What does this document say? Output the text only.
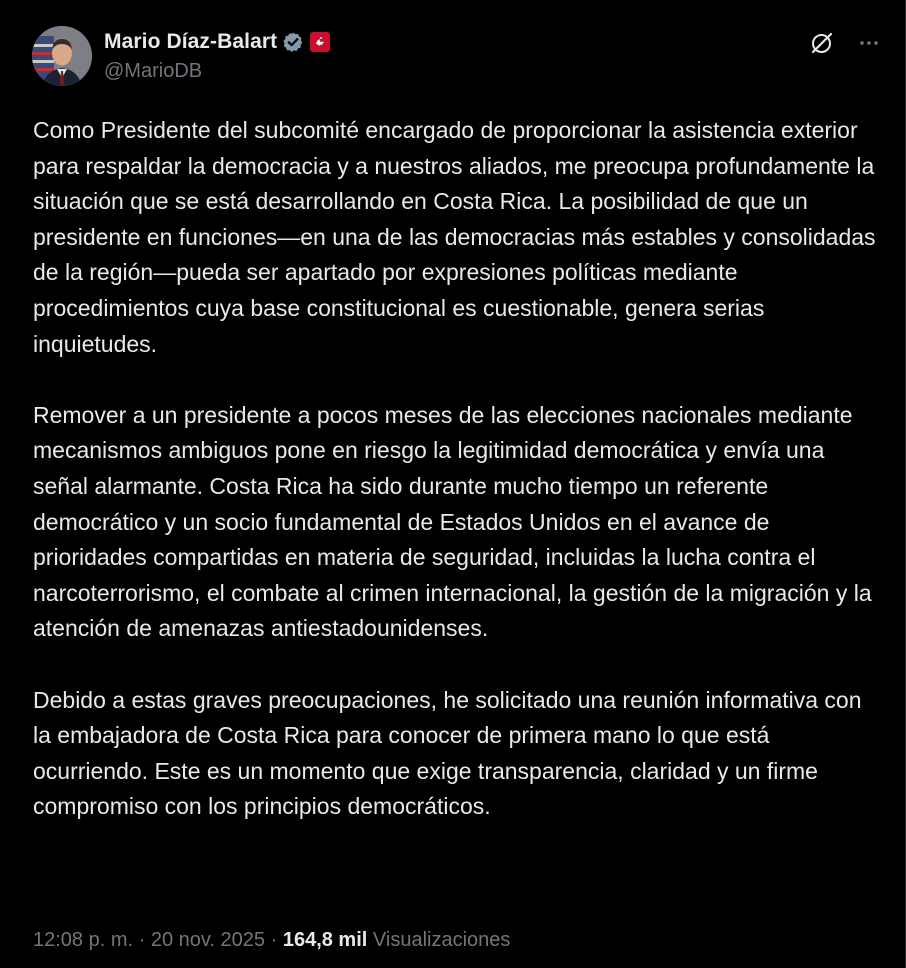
Mario Díaz-Balart
@MarioDB

Como Presidente del subcomité encargado de proporcionar la asistencia exterior para respaldar la democracia y a nuestros aliados, me preocupa profundamente la situación que se está desarrollando en Costa Rica. La posibilidad de que un presidente en funciones—en una de las democracias más estables y consolidadas de la región—pueda ser apartado por expresiones políticas mediante procedimientos cuya base constitucional es cuestionable, genera serias inquietudes.

Remover a un presidente a pocos meses de las elecciones nacionales mediante mecanismos ambiguos pone en riesgo la legitimidad democrática y envía una señal alarmante. Costa Rica ha sido durante mucho tiempo un referente democrático y un socio fundamental de Estados Unidos en el avance de prioridades compartidas en materia de seguridad, incluidas la lucha contra el narcoterrorismo, el combate al crimen internacional, la gestión de la migración y la atención de amenazas antiestadounidenses.

Debido a estas graves preocupaciones, he solicitado una reunión informativa con la embajadora de Costa Rica para conocer de primera mano lo que está ocurriendo. Este es un momento que exige transparencia, claridad y un firme compromiso con los principios democráticos.

12:08 p. m. · 20 nov. 2025 · 164,8 mil Visualizaciones
